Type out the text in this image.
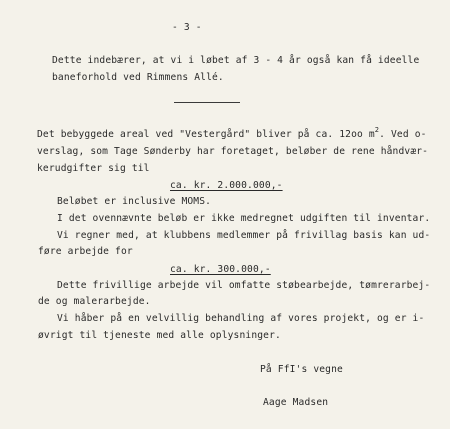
- 3 -
Dette indebærer, at vi i løbet af 3 - 4 år også kan få ideelle
baneforhold ved Rimmens Allé.
Det bebyggede areal ved "Vestergård" bliver på ca. 12oo $m^2$. Ved o-
verslag, som Tage Sønderby har foretaget, beløber de rene håndvær-
kerudgifter sig til
ca. kr. 2.000.000,-
Beløbet er inclusive MOMS.
I det ovennævnte beløb er ikke medregnet udgiften til inventar.
Vi regner med, at klubbens medlemmer på frivillag basis kan ud-
føre arbejde for
ca. kr. 300.000,-
Dette frivillige arbejde vil omfatte støbearbejde, tømrerarbej-
de og malerarbejde.
Vi håber på en velvillig behandling af vores projekt, og er i-
øvrigt til tjeneste med alle oplysninger.
På FfI's vegne
Aage Madsen
